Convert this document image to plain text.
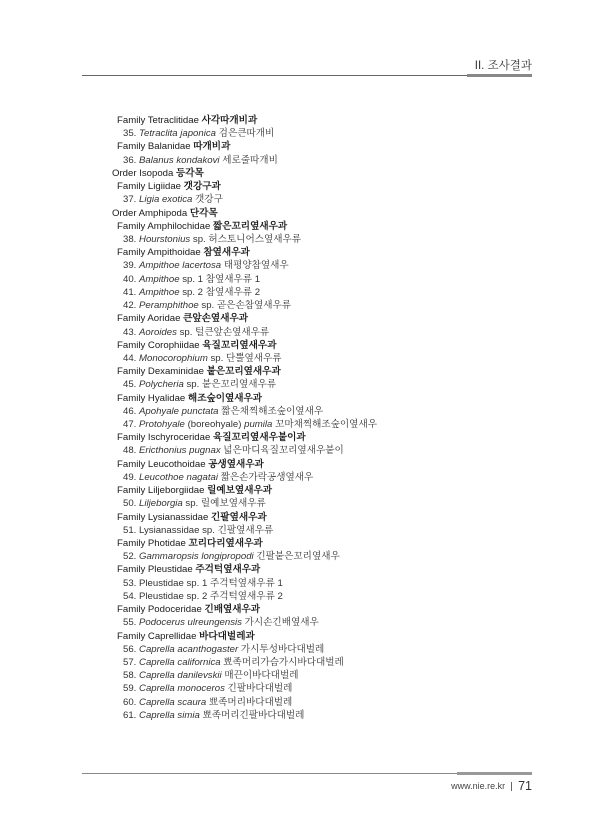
II. 조사결과
Family Tetraclitidae 사각따개비과
35. Tetraclita japonica 검은큰따개비
Family Balanidae 따개비과
36. Balanus kondakovi 세로줄따개비
Order Isopoda 등각목
Family Ligiidae 갯강구과
37. Ligia exotica 갯강구
Order Amphipoda 단각목
Family Amphilochidae 짧은꼬리옆새우과
38. Hourstonius sp. 허스토니어스옆새우류
Family Ampithoidae 참옆새우과
39. Ampithoe lacertosa 태평양참옆새우
40. Ampithoe sp. 1 참옆새우류 1
41. Ampithoe sp. 2 참옆새우류 2
42. Peramphithoe sp. 곧은손참옆새우류
Family Aoridae 큰앞손옆새우과
43. Aoroides sp. 털큰앞손옆새우류
Family Corophiidae 육질꼬리옆새우과
44. Monocorophium sp. 단뿔옆새우류
Family Dexaminidae 붙은꼬리옆새우과
45. Polycheria sp. 붙은꼬리옆새우류
Family Hyalidae 해조숲이옆새우과
46. Apohyale punctata 짧은채찍해조숲이옆새우
47. Protohyale (boreohyale) pumila 꼬마채찍해조숲이옆새우
Family Ischyroceridae 육질꼬리옆새우붙이과
48. Ericthonius pugnax 넓은마디육질꼬리옆새우붙이
Family Leucothoidae 공생옆새우과
49. Leucothoe nagatai 짧은손가락공생옆새우
Family Liljeborgiidae 릴예보옆새우과
50. Liljeborgia sp. 릴예보옆새우류
Family Lysianassidae 긴팔옆새우과
51. Lysianassidae sp. 긴팔옆새우류
Family Photidae 꼬리다리옆새우과
52. Gammaropsis longipropodi 긴팔붙은꼬리옆새우
Family Pleustidae 주걱턱옆새우과
53. Pleustidae sp. 1 주걱턱옆새우류 1
54. Pleustidae sp. 2 주걱턱옆새우류 2
Family Podoceridae 긴배옆새우과
55. Podocerus ulreungensis 가시손긴배옆새우
Family Caprellidae 바다대벌레과
56. Caprella acanthogaster 가시투성바다대벌레
57. Caprella californica 뾰족머리가슴가시바다대벌레
58. Caprella danilevskii 매끈이바다대벌레
59. Caprella monoceros 긴팔바다대벌레
60. Caprella scaura 뾰족머리바다대벌레
61. Caprella simia 뾰족머리긴팔바다대벌레
www.nie.re.kr 71
